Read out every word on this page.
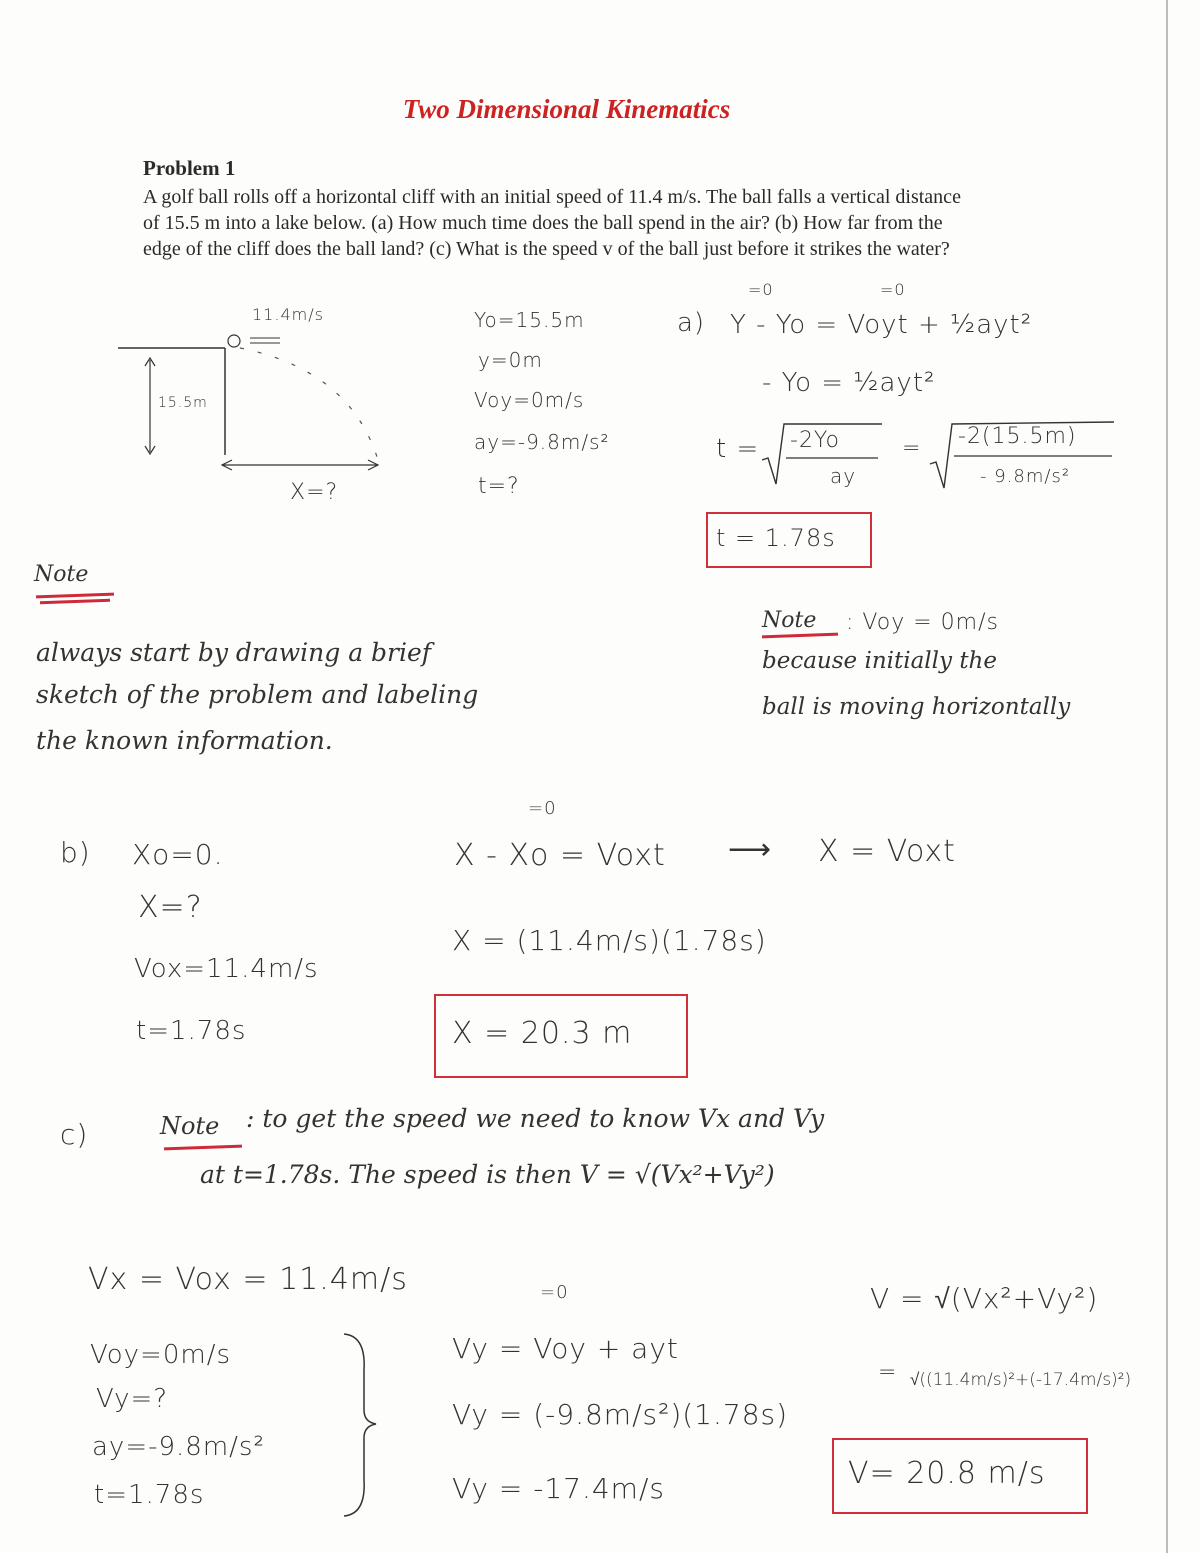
Two Dimensional Kinematics
Problem 1
A golf ball rolls off a horizontal cliff with an initial speed of 11.4 m/s. The ball falls a vertical distance of 15.5 m into a lake below. (a) How much time does the ball spend in the air? (b) How far from the edge of the cliff does the ball land? (c) What is the speed v of the ball just before it strikes the water?
11.4m/s
15.5m
X=?
Yo=15.5m
y=0m
Voy=0m/s
ay=-9.8m/s²
t=?
a)
=0	=0
Y - Yo = Voyt + ½ayt²
- Yo = ½ayt²
t = -2Yo
ay
= -2(15.5m)
- 9.8m/s²
t = 1.78s
Note
always start by drawing a brief
sketch of the problem and labeling
the known information.
Note : Voy = 0m/s
because initially the
ball is moving horizontally
b) Xo=0.
X=?
Vox=11.4m/s
t=1.78s
=0
X - Xo = Voxt ⟶ X = Voxt
X = (11.4m/s)(1.78s)
X = 20.3 m
c)	Note : to get the speed we need to know Vx and Vy
at t=1.78s. The speed is then V = √(Vx²+Vy²)
Vx = Vox = 11.4m/s
Voy=0m/s
Vy=?
ay=-9.8m/s²
t=1.78s
=0
Vy = Voy + ayt
Vy = (-9.8m/s²)(1.78s)
Vy = -17.4m/s
V = √(Vx²+Vy²)
= √((11.4m/s)²+(-17.4m/s)²)
V= 20.8 m/s
